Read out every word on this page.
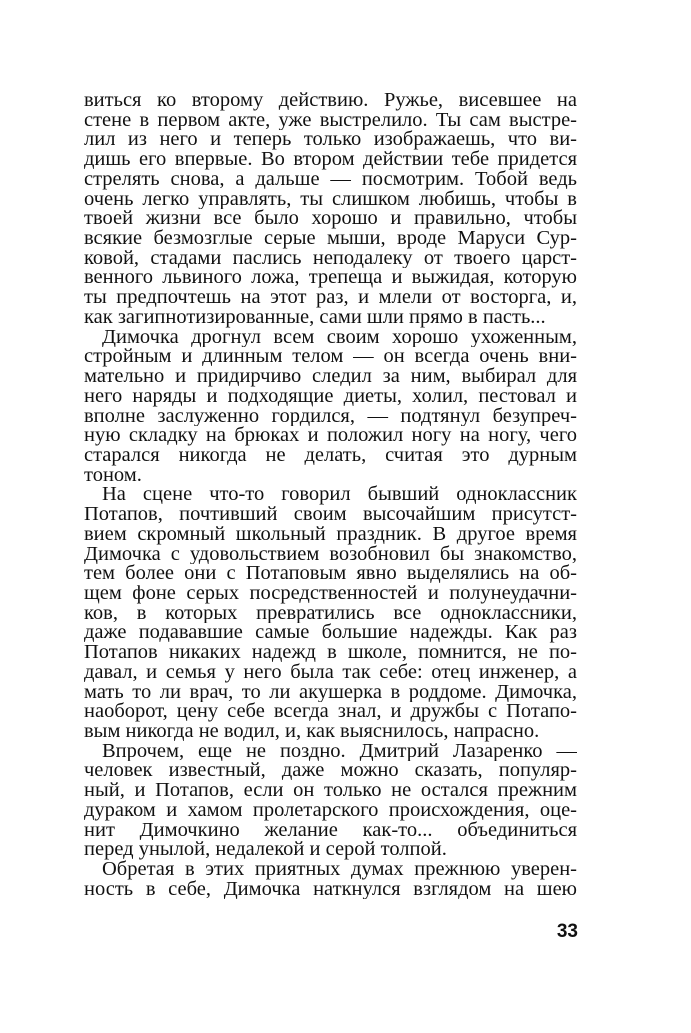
виться ко второму действию. Ружье, висевшее на
стене в первом акте, уже выстрелило. Ты сам выстре-
лил из него и теперь только изображаешь, что ви-
дишь его впервые. Во втором действии тебе придется
стрелять снова, а дальше — посмотрим. Тобой ведь
очень легко управлять, ты слишком любишь, чтобы в
твоей жизни все было хорошо и правильно, чтобы
всякие безмозглые серые мыши, вроде Маруси Сур-
ковой, стадами паслись неподалеку от твоего царст-
венного львиного ложа, трепеща и выжидая, которую
ты предпочтешь на этот раз, и млели от восторга, и,
как загипнотизированные, сами шли прямо в пасть...
Димочка дрогнул всем своим хорошо ухоженным,
стройным и длинным телом — он всегда очень вни-
мательно и придирчиво следил за ним, выбирал для
него наряды и подходящие диеты, холил, пестовал и
вполне заслуженно гордился, — подтянул безупреч-
ную складку на брюках и положил ногу на ногу, чего
старался никогда не делать, считая это дурным
тоном.
На сцене что-то говорил бывший одноклассник
Потапов, почтивший своим высочайшим присутст-
вием скромный школьный праздник. В другое время
Димочка с удовольствием возобновил бы знакомство,
тем более они с Потаповым явно выделялись на об-
щем фоне серых посредственностей и полунеудачни-
ков, в которых превратились все одноклассники,
даже подававшие самые большие надежды. Как раз
Потапов никаких надежд в школе, помнится, не по-
давал, и семья у него была так себе: отец инженер, а
мать то ли врач, то ли акушерка в роддоме. Димочка,
наоборот, цену себе всегда знал, и дружбы с Потапо-
вым никогда не водил, и, как выяснилось, напрасно.
Впрочем, еще не поздно. Дмитрий Лазаренко —
человек известный, даже можно сказать, популяр-
ный, и Потапов, если он только не остался прежним
дураком и хамом пролетарского происхождения, оце-
нит Димочкино желание как-то... объединиться
перед унылой, недалекой и серой толпой.
Обретая в этих приятных думах прежнюю уверен-
ность в себе, Димочка наткнулся взглядом на шею
33
